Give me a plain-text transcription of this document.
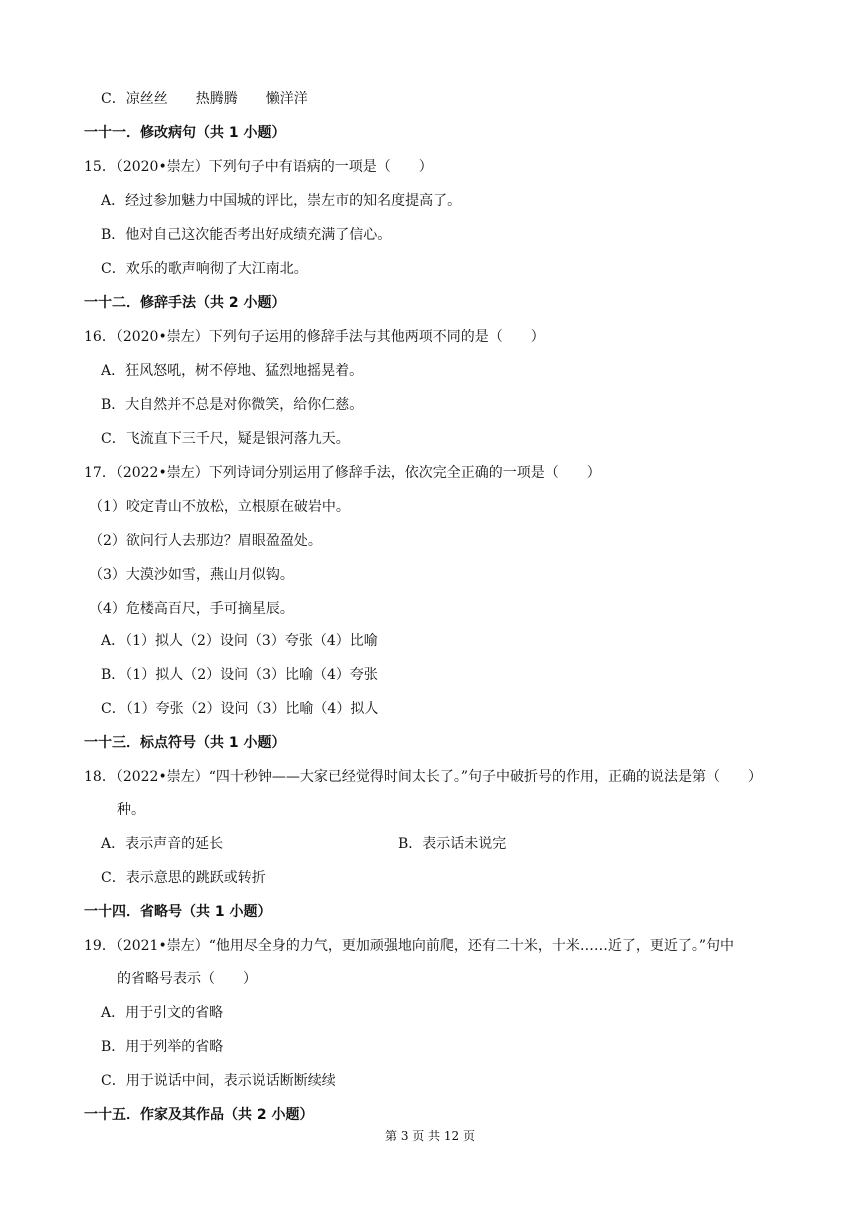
C．凉丝丝　　热腾腾　　懒洋洋
一十一．修改病句（共 1 小题）
15．（2020•崇左）下列句子中有语病的一项是（　　）
A．经过参加魅力中国城的评比，崇左市的知名度提高了。
B．他对自己这次能否考出好成绩充满了信心。
C．欢乐的歌声响彻了大江南北。
一十二．修辞手法（共 2 小题）
16．（2020•崇左）下列句子运用的修辞手法与其他两项不同的是（　　）
A．狂风怒吼，树不停地、猛烈地摇晃着。
B．大自然并不总是对你微笑，给你仁慈。
C．飞流直下三千尺，疑是银河落九天。
17．（2022•崇左）下列诗词分别运用了修辞手法，依次完全正确的一项是（　　）
（1）咬定青山不放松，立根原在破岩中。
（2）欲问行人去那边？眉眼盈盈处。
（3）大漠沙如雪，燕山月似钩。
（4）危楼高百尺，手可摘星辰。
A．（1）拟人（2）设问（3）夸张（4）比喻
B．（1）拟人（2）设问（3）比喻（4）夸张
C．（1）夸张（2）设问（3）比喻（4）拟人
一十三．标点符号（共 1 小题）
18．（2022•崇左）“四十秒钟——大家已经觉得时间太长了。”句子中破折号的作用，正确的说法是第（　　）
种。
A．表示声音的延长	B．表示话未说完
C．表示意思的跳跃或转折
一十四．省略号（共 1 小题）
19．（2021•崇左）“他用尽全身的力气，更加顽强地向前爬，还有二十米，十米……近了，更近了。”句中
的省略号表示（　　）
A．用于引文的省略
B．用于列举的省略
C．用于说话中间，表示说话断断续续
一十五．作家及其作品（共 2 小题）
第 3 页 共 12 页
